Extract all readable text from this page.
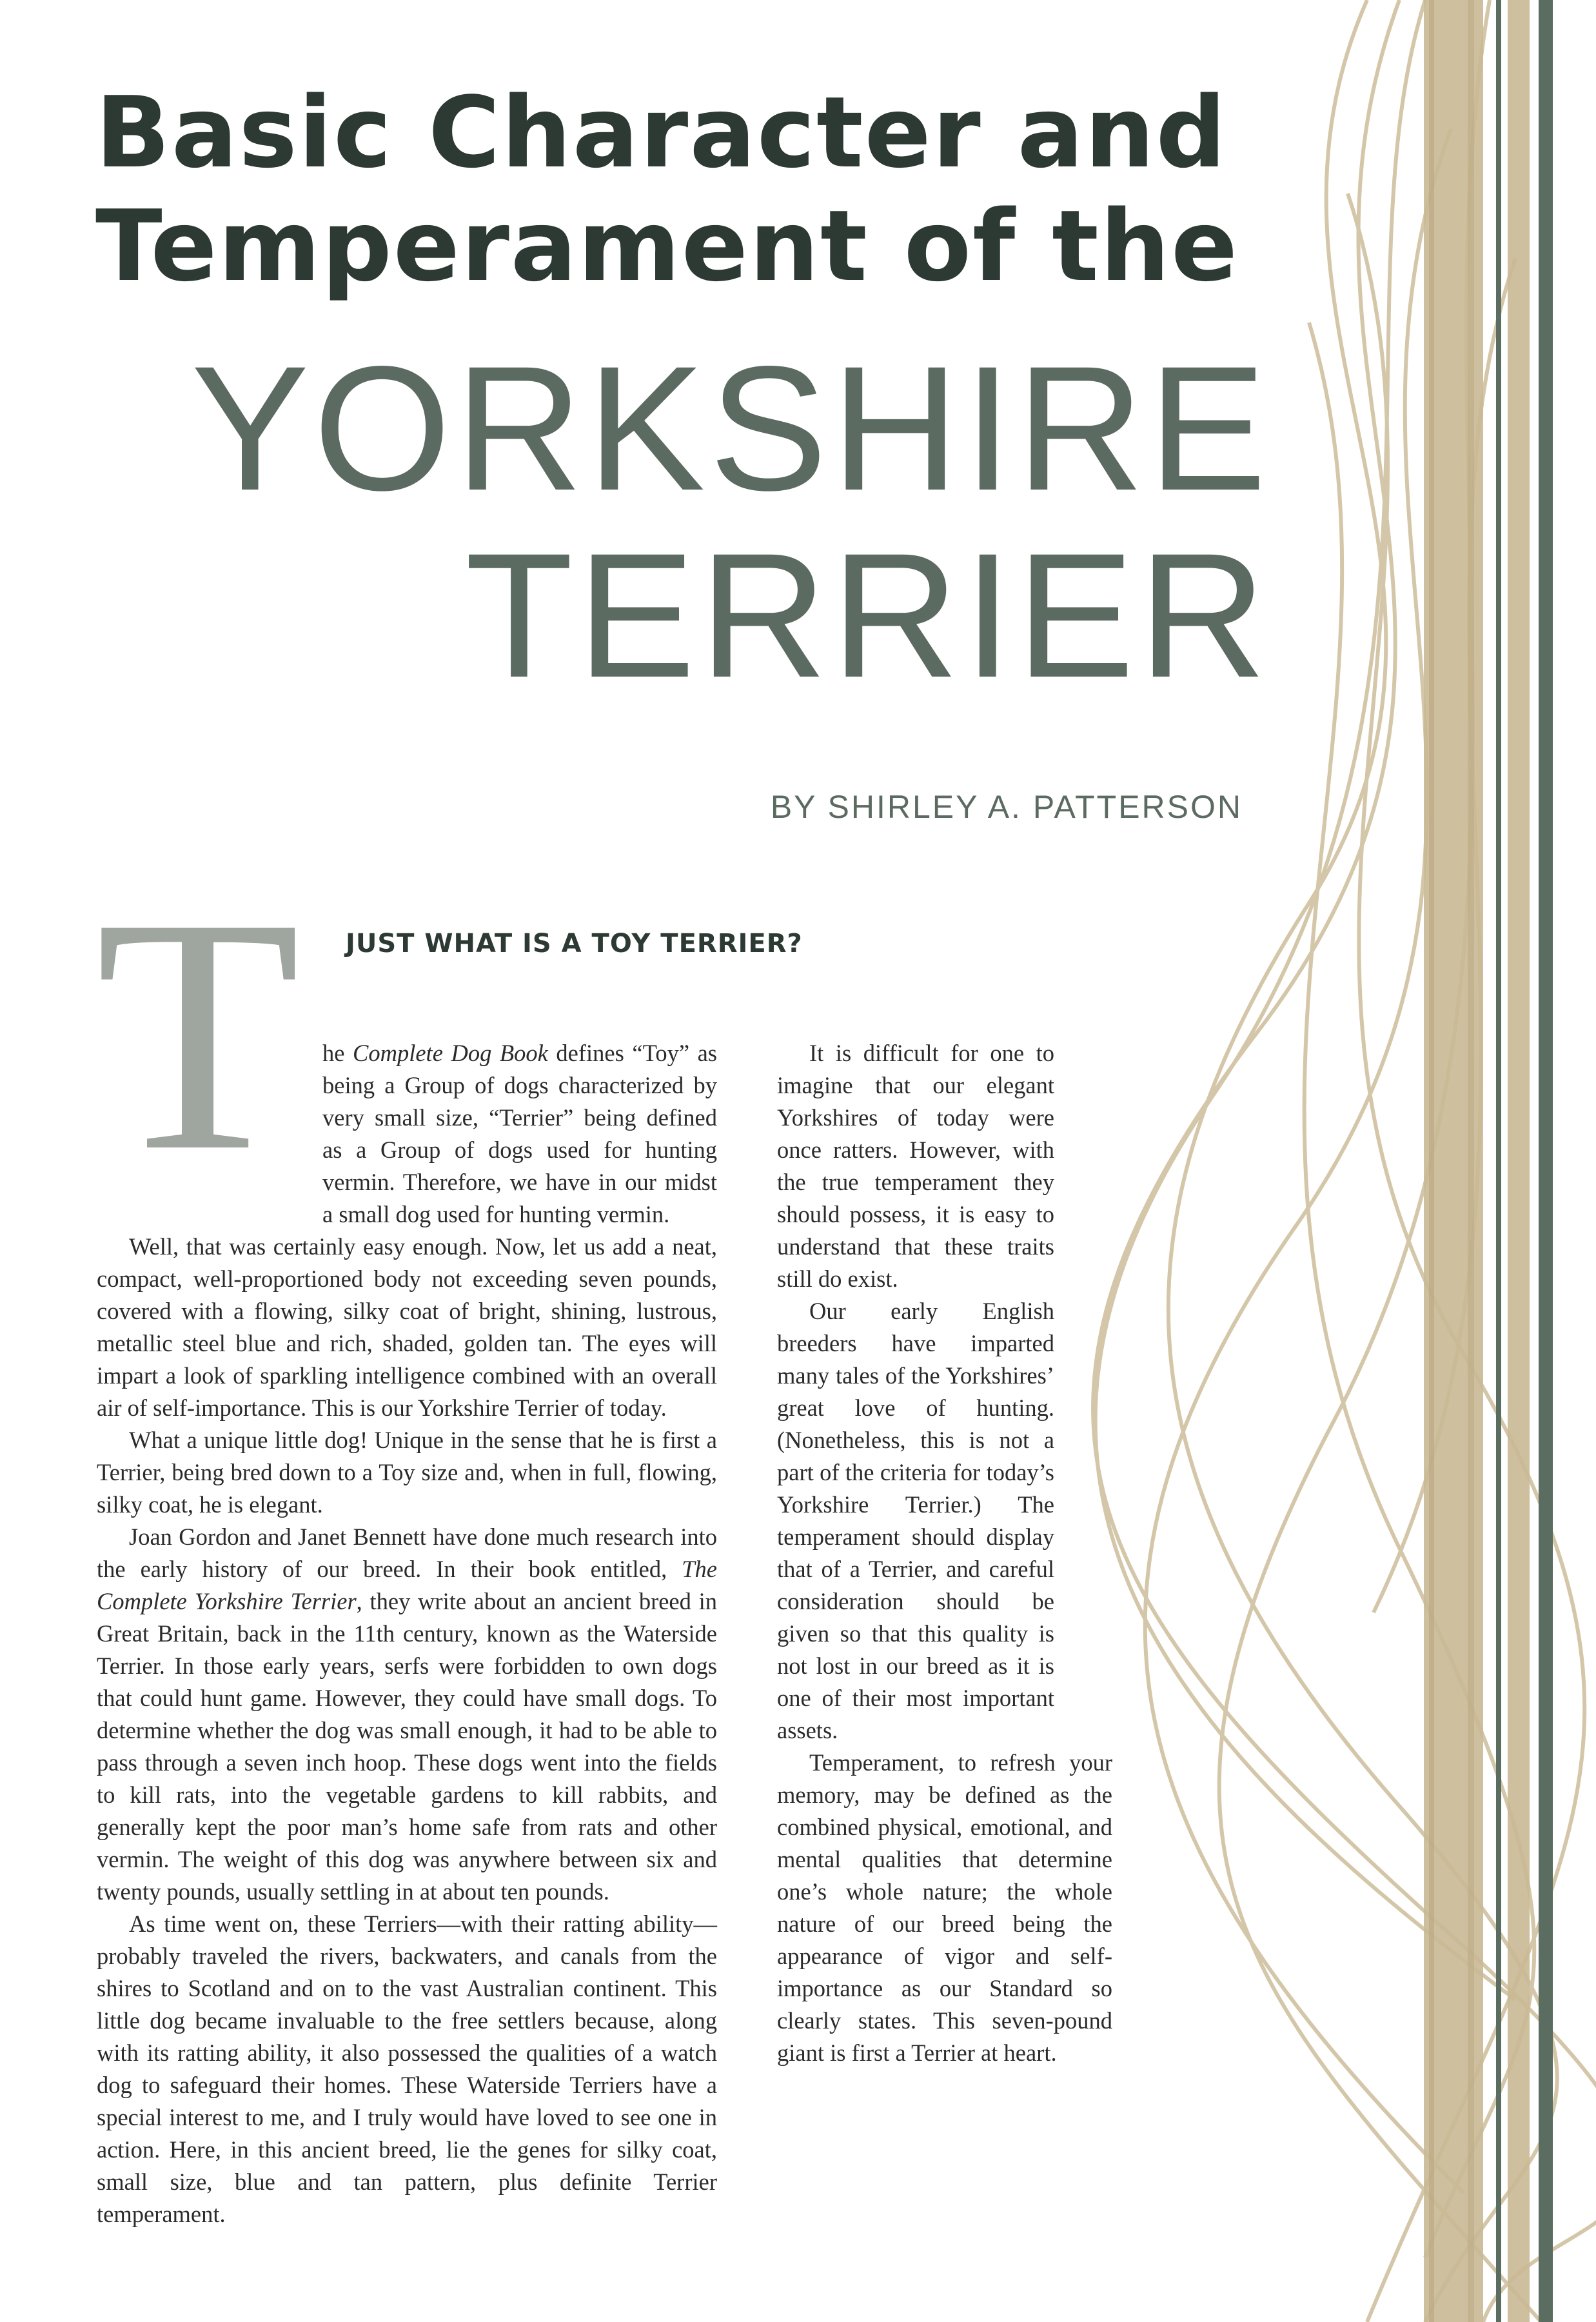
Basic Character and
Temperament of the
YORKSHIRE
TERRIER
BY SHIRLEY A. PATTERSON
T JUST WHAT IS A TOY TERRIER?

he Complete Dog Book defines “Toy” as being a Group of dogs characterized by very small size, “Terrier” being defined as a Group of dogs used for hunting vermin. Therefore, we have in our midst a small dog used for hunting vermin.

Well, that was certainly easy enough. Now, let us add a neat, compact, well-proportioned body not exceeding seven pounds, covered with a flowing, silky coat of bright, shining, lustrous, metallic steel blue and rich, shaded, golden tan. The eyes will impart a look of sparkling intelligence combined with an overall air of self-importance. This is our Yorkshire Terrier of today.

What a unique little dog! Unique in the sense that he is first a Terrier, being bred down to a Toy size and, when in full, flowing, silky coat, he is elegant.

Joan Gordon and Janet Bennett have done much research into the early history of our breed. In their book entitled, The Complete Yorkshire Terrier, they write about an ancient breed in Great Britain, back in the 11th century, known as the Waterside Terrier. In those early years, serfs were forbidden to own dogs that could hunt game. However, they could have small dogs. To determine whether the dog was small enough, it had to be able to pass through a seven inch hoop. These dogs went into the fields to kill rats, into the vegetable gardens to kill rabbits, and generally kept the poor man’s home safe from rats and other vermin. The weight of this dog was anywhere between six and twenty pounds, usually settling in at about ten pounds.

As time went on, these Terriers—with their ratting ability—probably traveled the rivers, backwaters, and canals from the shires to Scotland and on to the vast Australian continent. This little dog became invaluable to the free settlers because, along with its ratting ability, it also possessed the qualities of a watch dog to safeguard their homes. These Waterside Terriers have a special interest to me, and I truly would have loved to see one in action. Here, in this ancient breed, lie the genes for silky coat, small size, blue and tan pattern, plus definite Terrier temperament.

It is difficult for one to imagine that our elegant Yorkshires of today were once ratters. However, with the true temperament they should possess, it is easy to understand that these traits still do exist.

Our early English breeders have imparted many tales of the Yorkshires’ great love of hunting. (Nonetheless, this is not a part of the criteria for today’s Yorkshire Terrier.) The temperament should display that of a Terrier, and careful consideration should be given so that this quality is not lost in our breed as it is one of their most important assets.

Temperament, to refresh your memory, may be defined as the combined physical, emotional, and mental qualities that determine one’s whole nature; the whole nature of our breed being the appearance of vigor and self-importance as our Standard so clearly states. This seven-pound giant is first a Terrier at heart.
